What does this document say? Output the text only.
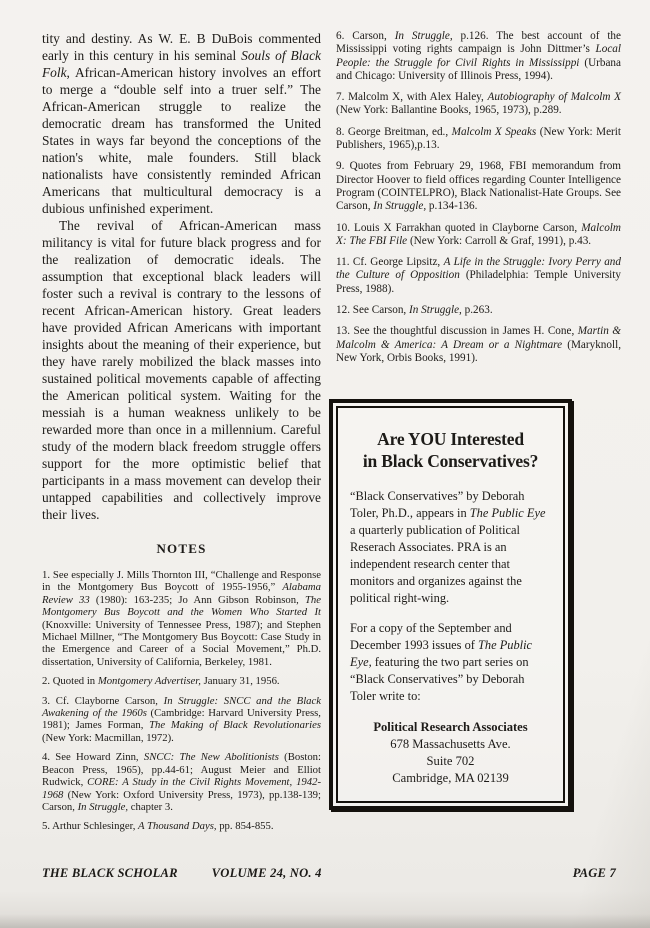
tity and destiny. As W. E. B DuBois commented early in this century in his seminal Souls of Black Folk, African-American history involves an effort to merge a “double self into a truer self.” The African-American struggle to realize the democratic dream has transformed the United States in ways far beyond the conceptions of the nation's white, male founders. Still black nationalists have consistently reminded African Americans that multicultural democracy is a dubious unfinished experiment.

The revival of African-American mass militancy is vital for future black progress and for the realization of democratic ideals. The assumption that exceptional black leaders will foster such a revival is contrary to the lessons of recent African-American history. Great leaders have provided African Americans with important insights about the meaning of their experience, but they have rarely mobilized the black masses into sustained political movements capable of affecting the American political system. Waiting for the messiah is a human weakness unlikely to be rewarded more than once in a millennium. Careful study of the modern black freedom struggle offers support for the more optimistic belief that participants in a mass movement can develop their untapped capabilities and collectively improve their lives.

NOTES

1. See especially J. Mills Thornton III, “Challenge and Response in the Montgomery Bus Boycott of 1955-1956,” Alabama Review 33 (1980): 163-235; Jo Ann Gibson Robinson, The Montgomery Bus Boycott and the Women Who Started It (Knoxville: University of Tennessee Press, 1987); and Stephen Michael Millner, “The Montgomery Bus Boycott: Case Study in the Emergence and Career of a Social Movement,” Ph.D. dissertation, University of California, Berkeley, 1981.

2. Quoted in Montgomery Advertiser, January 31, 1956.

3. Cf. Clayborne Carson, In Struggle: SNCC and the Black Awakening of the 1960s (Cambridge: Harvard University Press, 1981); James Forman, The Making of Black Revolutionaries (New York: Macmillan, 1972).

4. See Howard Zinn, SNCC: The New Abolitionists (Boston: Beacon Press, 1965), pp.44-61; August Meier and Elliot Rudwick, CORE: A Study in the Civil Rights Movement, 1942-1968 (New York: Oxford University Press, 1973), pp.138-139; Carson, In Struggle, chapter 3.

5. Arthur Schlesinger, A Thousand Days, pp. 854-855.

6. Carson, In Struggle, p.126. The best account of the Mississippi voting rights campaign is John Dittmer’s Local People: the Struggle for Civil Rights in Mississippi (Urbana and Chicago: University of Illinois Press, 1994).

7. Malcolm X, with Alex Haley, Autobiography of Malcolm X (New York: Ballantine Books, 1965, 1973), p.289.

8. George Breitman, ed., Malcolm X Speaks (New York: Merit Publishers, 1965),p.13.

9. Quotes from February 29, 1968, FBI memorandum from Director Hoover to field offices regarding Counter Intelligence Program (COINTELPRO), Black Nationalist-Hate Groups. See Carson, In Struggle, p.134-136.

10. Louis X Farrakhan quoted in Clayborne Carson, Malcolm X: The FBI File (New York: Carroll & Graf, 1991), p.43.

11. Cf. George Lipsitz, A Life in the Struggle: Ivory Perry and the Culture of Opposition (Philadelphia: Temple University Press, 1988).

12. See Carson, In Struggle, p.263.

13. See the thoughtful discussion in James H. Cone, Martin & Malcolm & America: A Dream or a Nightmare (Maryknoll, New York, Orbis Books, 1991).

Are YOU Interested
in Black Conservatives?

“Black Conservatives” by Deborah Toler, Ph.D., appears in The Public Eye a quarterly publication of Political Reserach Associates. PRA is an independent research center that monitors and organizes against the political right-wing.

For a copy of the September and December 1993 issues of The Public Eye, featuring the two part series on “Black Conservatives” by Deborah Toler write to:

Political Research Associates
678 Massachusetts Ave.
Suite 702
Cambridge, MA 02139
THE BLACK SCHOLAR	VOLUME 24, NO. 4	PAGE 7
